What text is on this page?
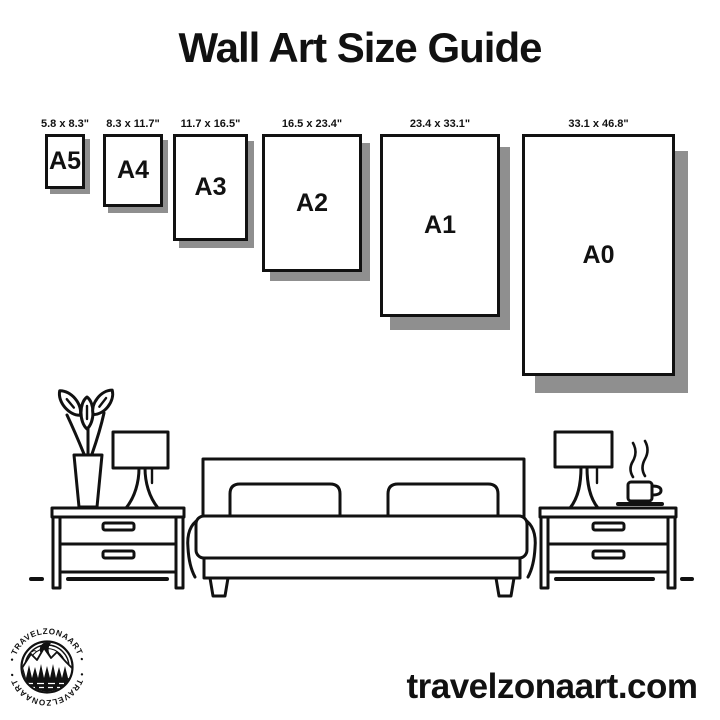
Wall Art Size Guide
5.8 x 8.3"
A5
8.3 x 11.7"
A4
11.7 x 16.5"
A3
16.5 x 23.4"
A2
23.4 x 33.1"
A1
33.1 x 46.8"
A0
• TRAVELZONAART •
• TRAVELZONAART •	travelzonaart.com
